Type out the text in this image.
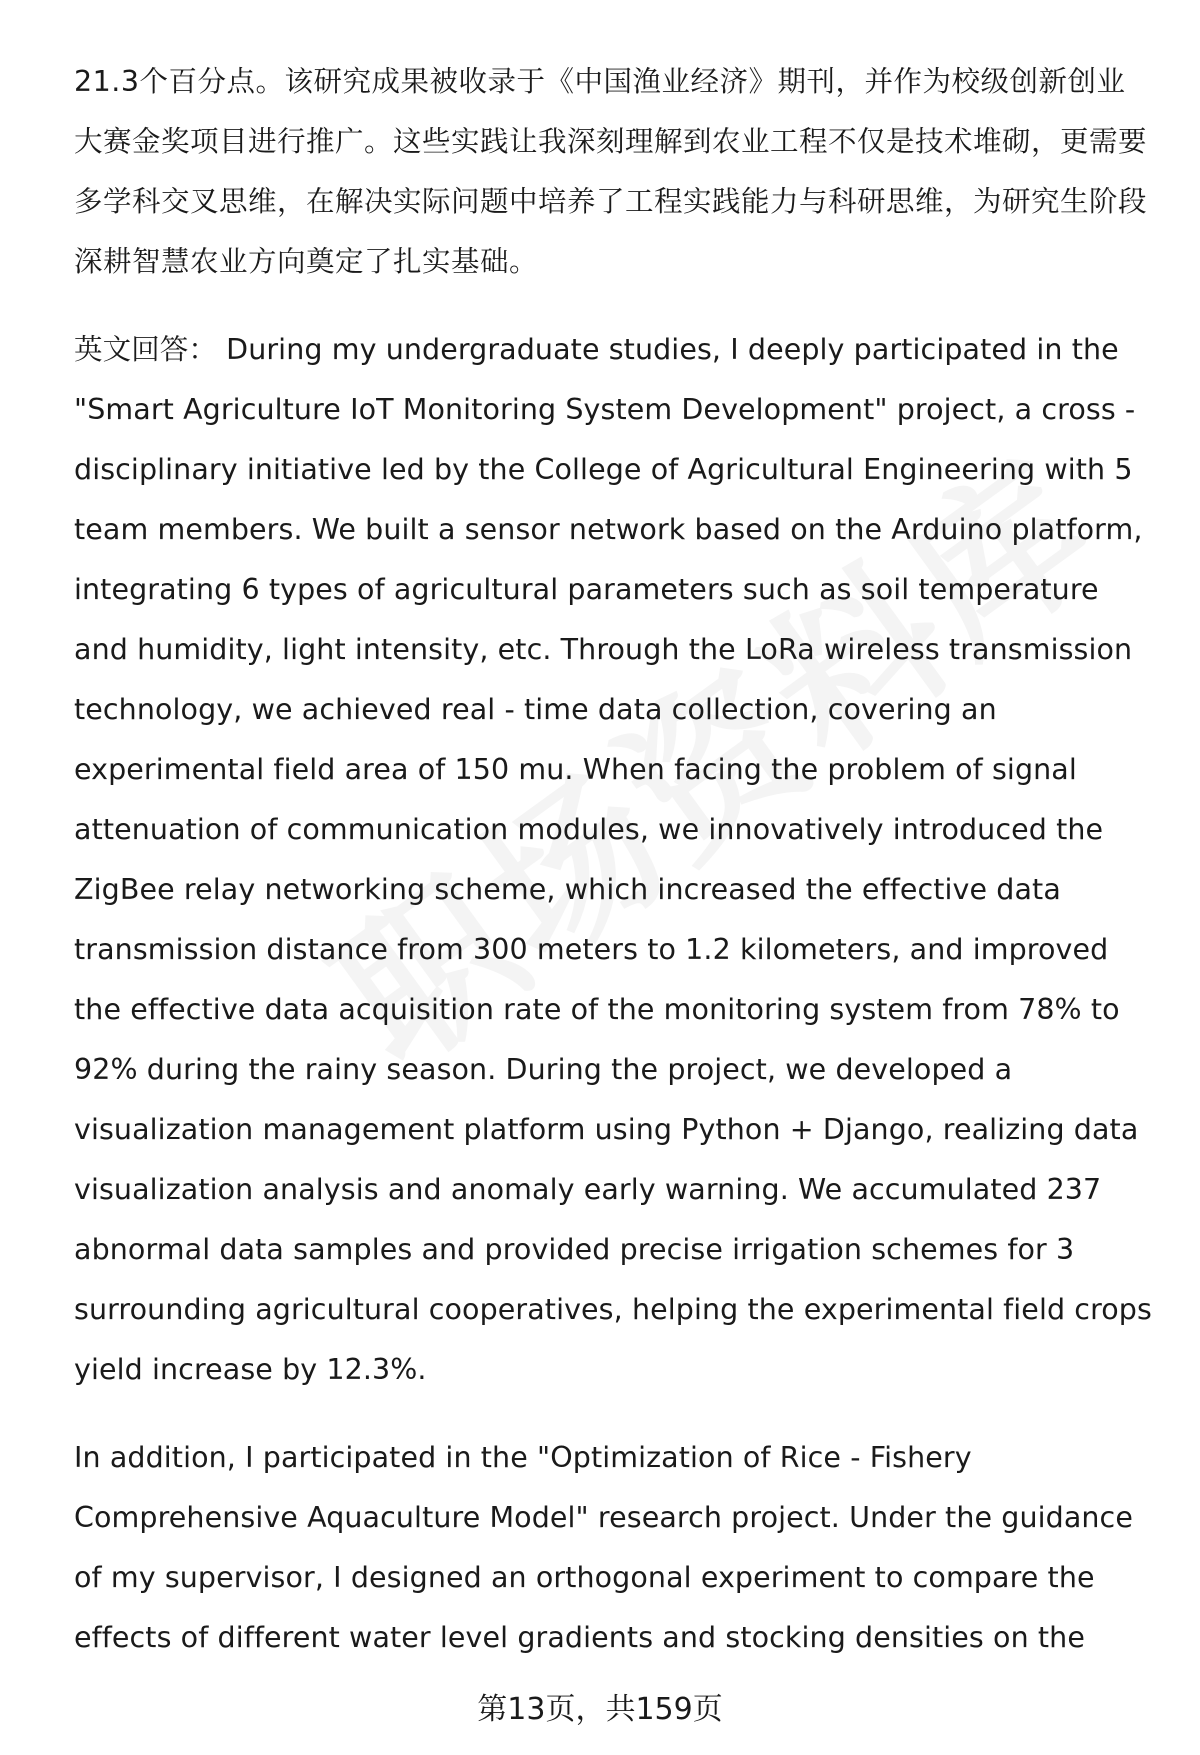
21.3个百分点。该研究成果被收录于《中国渔业经济》期刊，并作为校级创新创业大赛金奖项目进行推广。这些实践让我深刻理解到农业工程不仅是技术堆砌，更需要多学科交叉思维，在解决实际问题中培养了工程实践能力与科研思维，为研究生阶段深耕智慧农业方向奠定了扎实基础。

英文回答： During my undergraduate studies, I deeply participated in the "Smart Agriculture IoT Monitoring System Development" project, a cross - disciplinary initiative led by the College of Agricultural Engineering with 5 team members. We built a sensor network based on the Arduino platform, integrating 6 types of agricultural parameters such as soil temperature and humidity, light intensity, etc. Through the LoRa wireless transmission technology, we achieved real - time data collection, covering an experimental field area of 150 mu. When facing the problem of signal attenuation of communication modules, we innovatively introduced the ZigBee relay networking scheme, which increased the effective data transmission distance from 300 meters to 1.2 kilometers, and improved the effective data acquisition rate of the monitoring system from 78% to 92% during the rainy season. During the project, we developed a visualization management platform using Python + Django, realizing data visualization analysis and anomaly early warning. We accumulated 237 abnormal data samples and provided precise irrigation schemes for 3 surrounding agricultural cooperatives, helping the experimental field crops yield increase by 12.3%.

In addition, I participated in the "Optimization of Rice - Fishery Comprehensive Aquaculture Model" research project. Under the guidance of my supervisor, I designed an orthogonal experiment to compare the effects of different water level gradients and stocking densities on the

第13页，共159页
